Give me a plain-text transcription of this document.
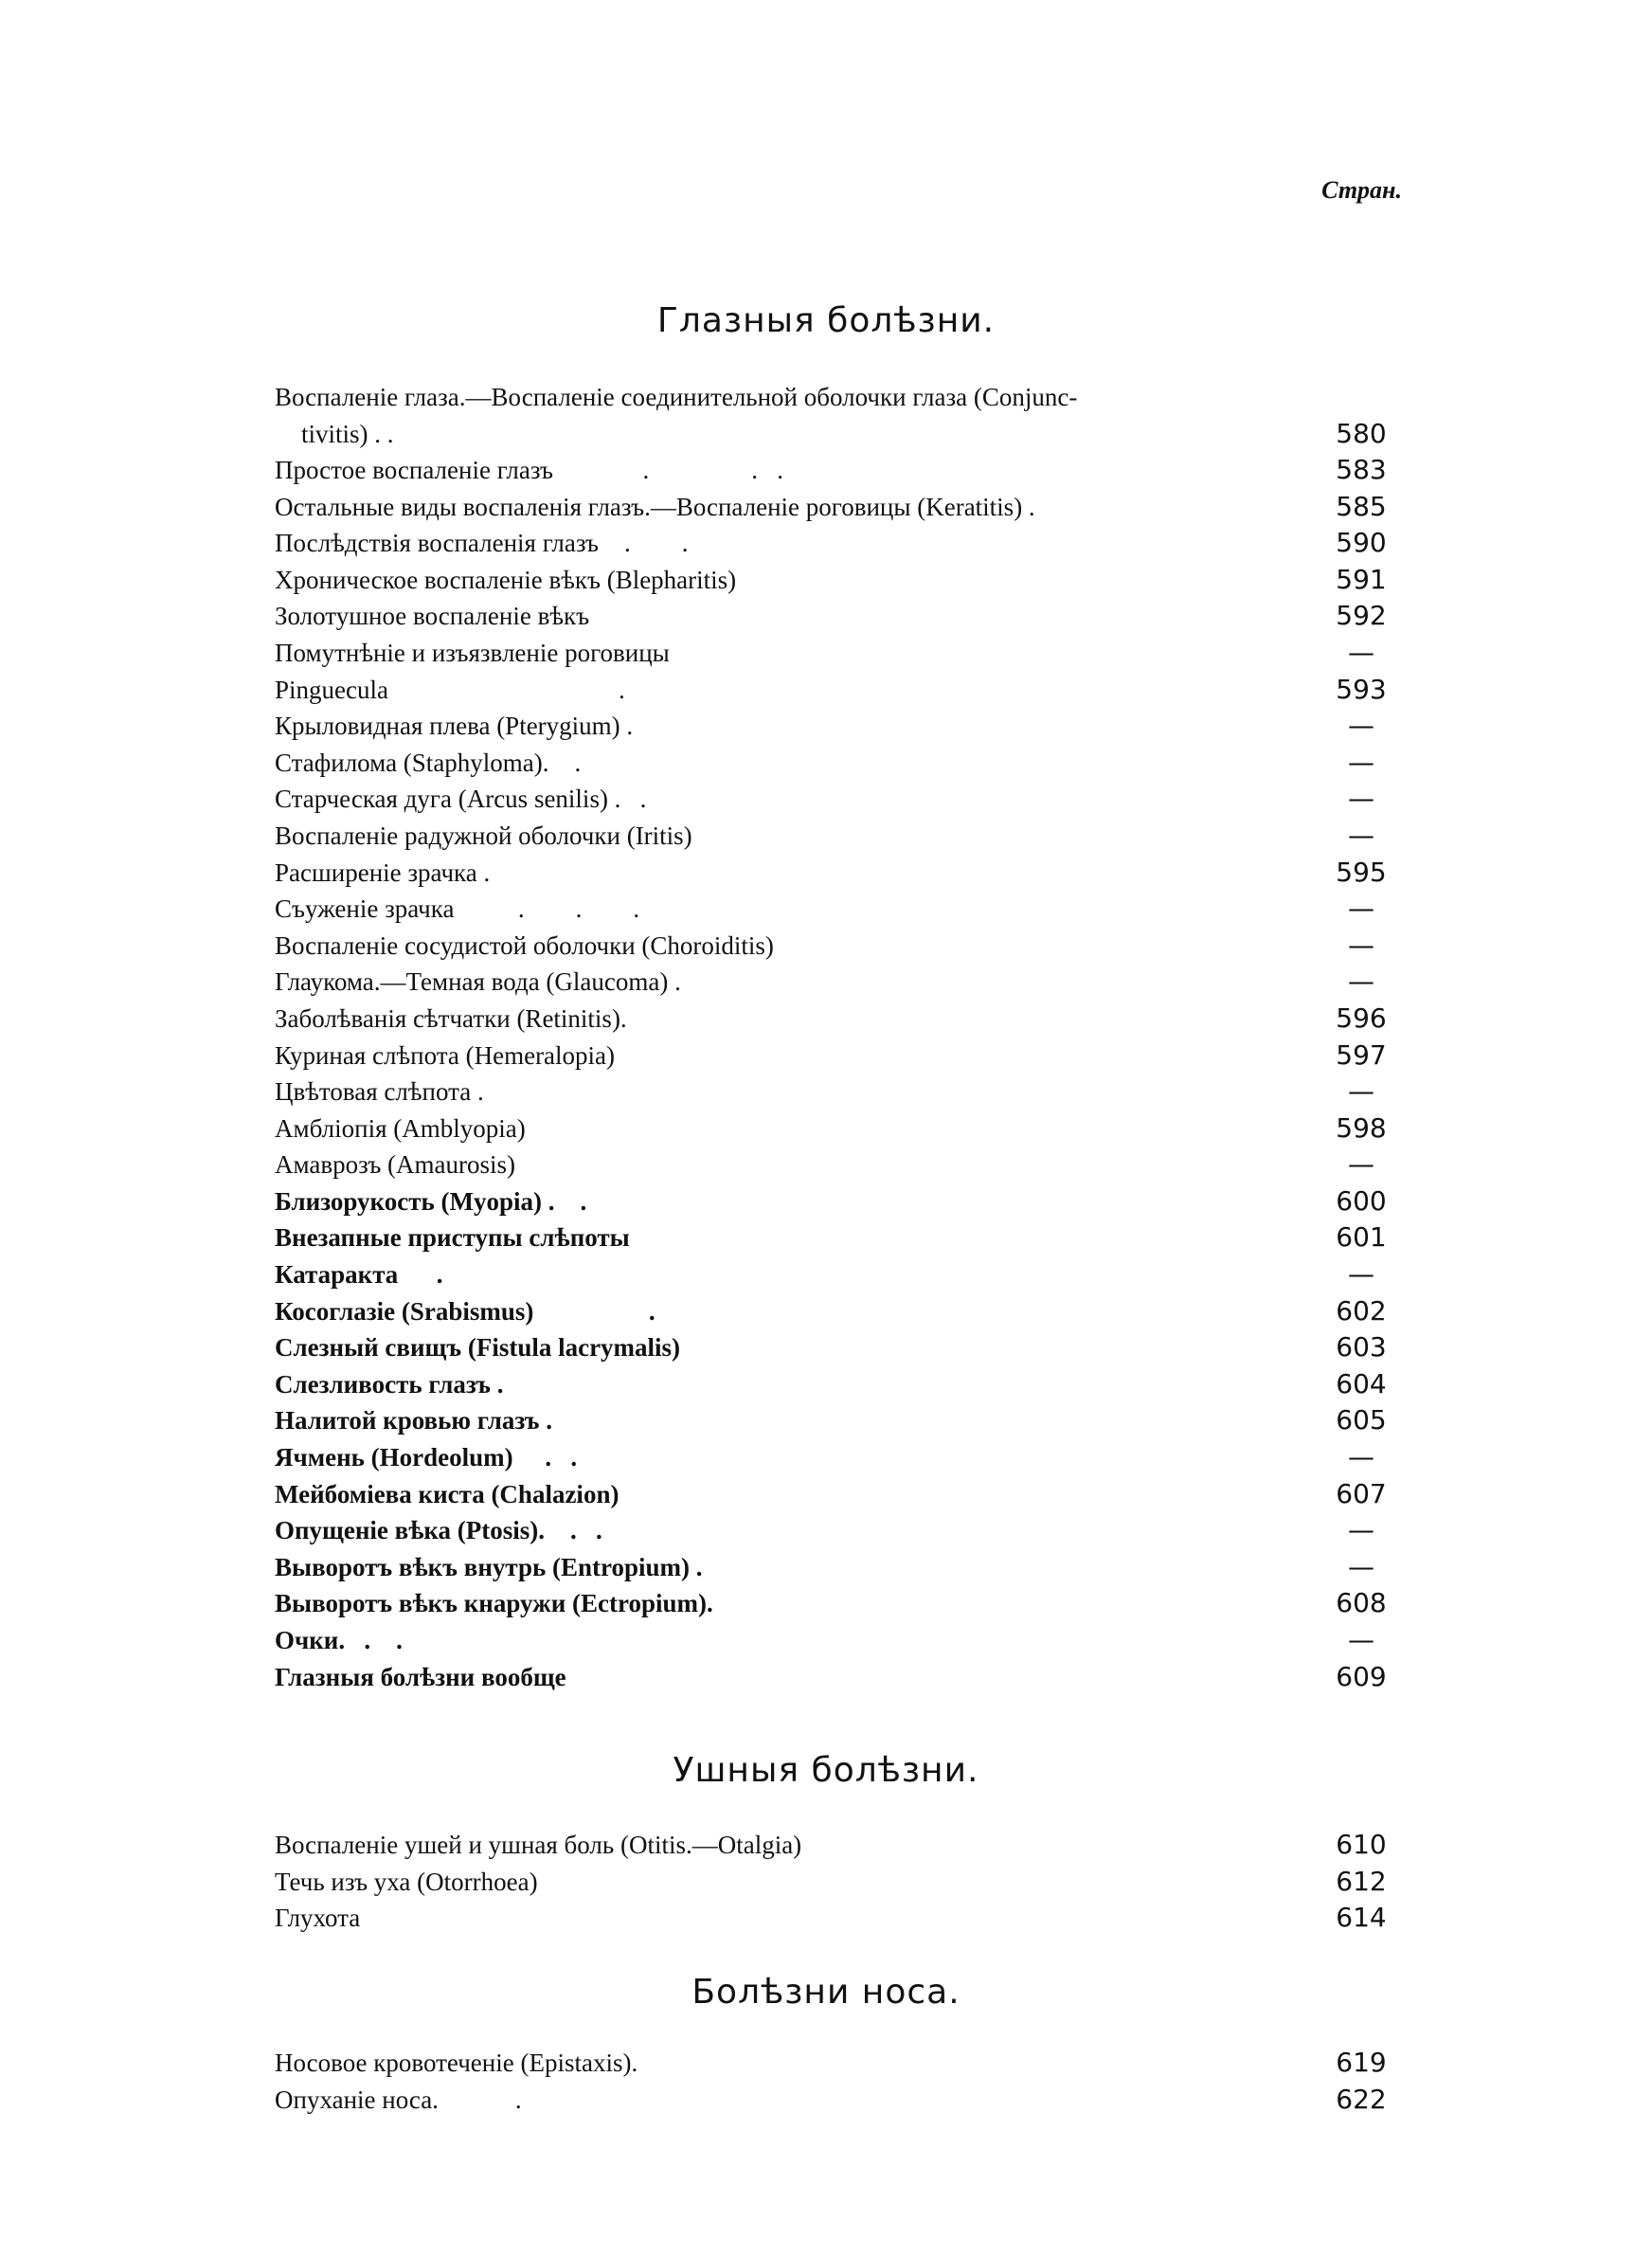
Стран.
Глазныя болѣзни.
Воспаленіе глаза.—Воспаленіе соединительной оболочки глаза (Conjunc-
tivitis) . .	580
Простое воспаленіе глазъ              .                .   .	583
Остальные виды воспаленія глазъ.—Воспаленіе роговицы (Keratitis) .	585
Послѣдствія воспаленія глазъ    .        .	590
Хроническое воспаленіе вѣкъ (Blepharitis)	591
Золотушное воспаленіе вѣкъ	592
Помутнѣніе и изъязвленіе роговицы	—
Pinguecula                                    .	593
Крыловидная плева (Pterygium) .	—
Стафилома (Staphyloma).    .	—
Старческая дуга (Arcus senilis) .   .	—
Воспаленіе радужной оболочки (Iritis)	—
Расширеніе зрачка .	595
Съуженіе зрачка          .        .        .	—
Воспаленіе сосудистой оболочки (Choroiditis)	—
Глаукома.—Темная вода (Glaucoma) .	—
Заболѣванія сѣтчатки (Retinitis).	596
Куриная слѣпота (Hemeralopia)	597
Цвѣтовая слѣпота .	—
Амбліопія (Amblyopia)	598
Амаврозъ (Amaurosis)	—
Близорукость (Myopia) .    .	600
Внезапные приступы слѣпоты	601
Катаракта      .	—
Косоглазіе (Srabismus)                  .	602
Слезный свищъ (Fistula lacrymalis)	603
Слезливость глазъ .	604
Налитой кровью глазъ .	605
Ячмень (Hordeolum)     .   .	—
Мейбоміева киста (Chalazion)	607
Опущеніе вѣка (Ptosis).    .   .	—
Выворотъ вѣкъ внутрь (Entropium) .	—
Выворотъ вѣкъ кнаружи (Ectropium).	608
Очки.   .    .	—
Глазныя болѣзни вообще	609
Ушныя болѣзни.
Воспаленіе ушей и ушная боль (Otitis.—Otalgia)	610
Течь изъ уха (Otorrhoea)	612
Глухота	614
Болѣзни носа.
Носовое кровотеченіе (Epistaxis).	619
Опуханіе носа.            .	622
